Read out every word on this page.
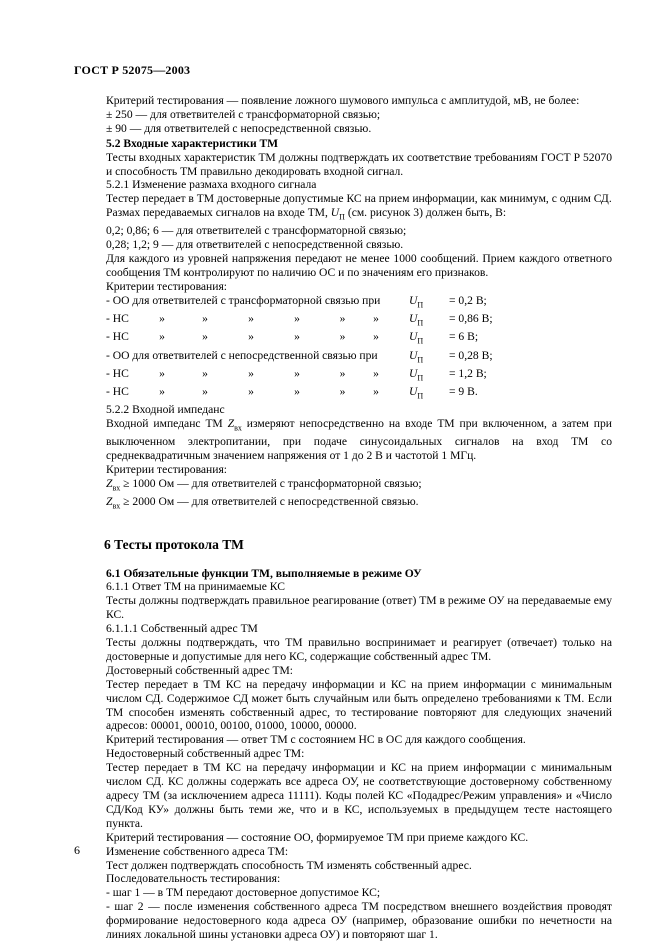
ГОСТ Р 52075—2003

Критерий тестирования — появление ложного шумового импульса с амплитудой, мВ, не более:

± 250 — для ответвителей с трансформаторной связью;

± 90 — для ответвителей с непосредственной связью.

5.2 Входные характеристики ТМ

Тесты входных характеристик ТМ должны подтверждать их соответствие требованиям ГОСТ Р 52070 и способность ТМ правильно декодировать входной сигнал.

5.2.1 Изменение размаха входного сигнала

Тестер передает в ТМ достоверные допустимые КС на прием информации, как минимум, с одним СД.

Размах передаваемых сигналов на входе ТМ, $U_П$ (см. рисунок 3) должен быть, В:

0,2; 0,86; 6 — для ответвителей с трансформаторной связью;

0,28; 1,2; 9 — для ответвителей с непосредственной связью.

Для каждого из уровней напряжения передают не менее 1000 сообщений. Прием каждого ответного сообщения ТМ контролируют по наличию ОС и по значениям его признаков.

Критерии тестирования:

- ОО для ответвителей с трансформаторной связью при	$U_П$	= 0,2 В;
- НС	»	»	»	»	»	»	$U_П$	= 0,86 В;
- НС	»	»	»	»	»	»	$U_П$	= 6 В;
- ОО для ответвителей с непосредственной связью при	$U_П$	= 0,28 В;
- НС	»	»	»	»	»	»	$U_П$	= 1,2 В;
- НС	»	»	»	»	»	»	$U_П$	= 9 В.

5.2.2 Входной импеданс

Входной импеданс ТМ $Z_{вх}$ измеряют непосредственно на входе ТМ при включенном, а затем при выключенном электропитании, при подаче синусоидальных сигналов на вход ТМ со среднеквадратичным значением напряжения от 1 до 2 В и частотой 1 МГц.

Критерии тестирования:

$Z_{вх} \ge 1000$ Ом — для ответвителей с трансформаторной связью;

$Z_{вх} \ge 2000$ Ом — для ответвителей с непосредственной связью.

6 Тесты протокола ТМ

6.1 Обязательные функции ТМ, выполняемые в режиме ОУ

6.1.1 Ответ ТМ на принимаемые КС

Тесты должны подтверждать правильное реагирование (ответ) ТМ в режиме ОУ на передаваемые ему КС.

6.1.1.1 Собственный адрес ТМ

Тесты должны подтверждать, что ТМ правильно воспринимает и реагирует (отвечает) только на достоверные и допустимые для него КС, содержащие собственный адрес ТМ.

Достоверный собственный адрес ТМ:

Тестер передает в ТМ КС на передачу информации и КС на прием информации с минимальным числом СД. Содержимое СД может быть случайным или быть определено требованиями к ТМ. Если ТМ способен изменять собственный адрес, то тестирование повторяют для следующих значений адресов: 00001, 00010, 00100, 01000, 10000, 00000.

Критерий тестирования — ответ ТМ с состоянием НС в ОС для каждого сообщения.

Недостоверный собственный адрес ТМ:

Тестер передает в ТМ КС на передачу информации и КС на прием информации с минимальным числом СД. КС должны содержать все адреса ОУ, не соответствующие достоверному собственному адресу ТМ (за исключением адреса 11111). Коды полей КС «Подадрес/Режим управления» и «Число СД/Код КУ» должны быть теми же, что и в КС, используемых в предыдущем тесте настоящего пункта.

Критерий тестирования — состояние ОО, формируемое ТМ при приеме каждого КС.

Изменение собственного адреса ТМ:

Тест должен подтверждать способность ТМ изменять собственный адрес.

Последовательность тестирования:

- шаг 1 — в ТМ передают достоверное допустимое КС;

- шаг 2 — после изменения собственного адреса ТМ посредством внешнего воздействия проводят формирование недостоверного кода адреса ОУ (например, образование ошибки по нечетности на линиях локальной шины установки адреса ОУ) и повторяют шаг 1.

6
